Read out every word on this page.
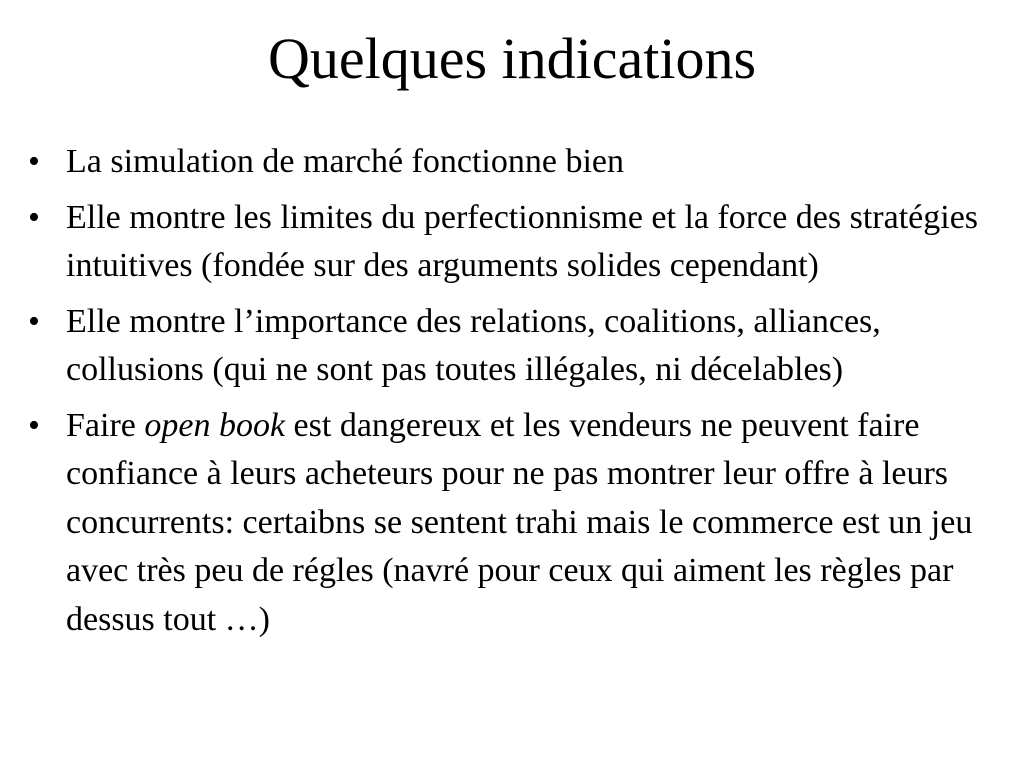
Quelques indications
• La simulation de marché fonctionne bien
• Elle montre les limites du perfectionnisme et la force des stratégies intuitives (fondée sur des arguments solides cependant)
• Elle montre l’importance des relations, coalitions, alliances, collusions (qui ne sont pas toutes illégales, ni décelables)
• Faire open book est dangereux et les vendeurs ne peuvent faire confiance à leurs acheteurs pour ne pas montrer leur offre à leurs concurrents: certaibns se sentent trahi mais le commerce est un jeu avec très peu de régles (navré pour ceux qui aiment les règles par dessus tout …)
